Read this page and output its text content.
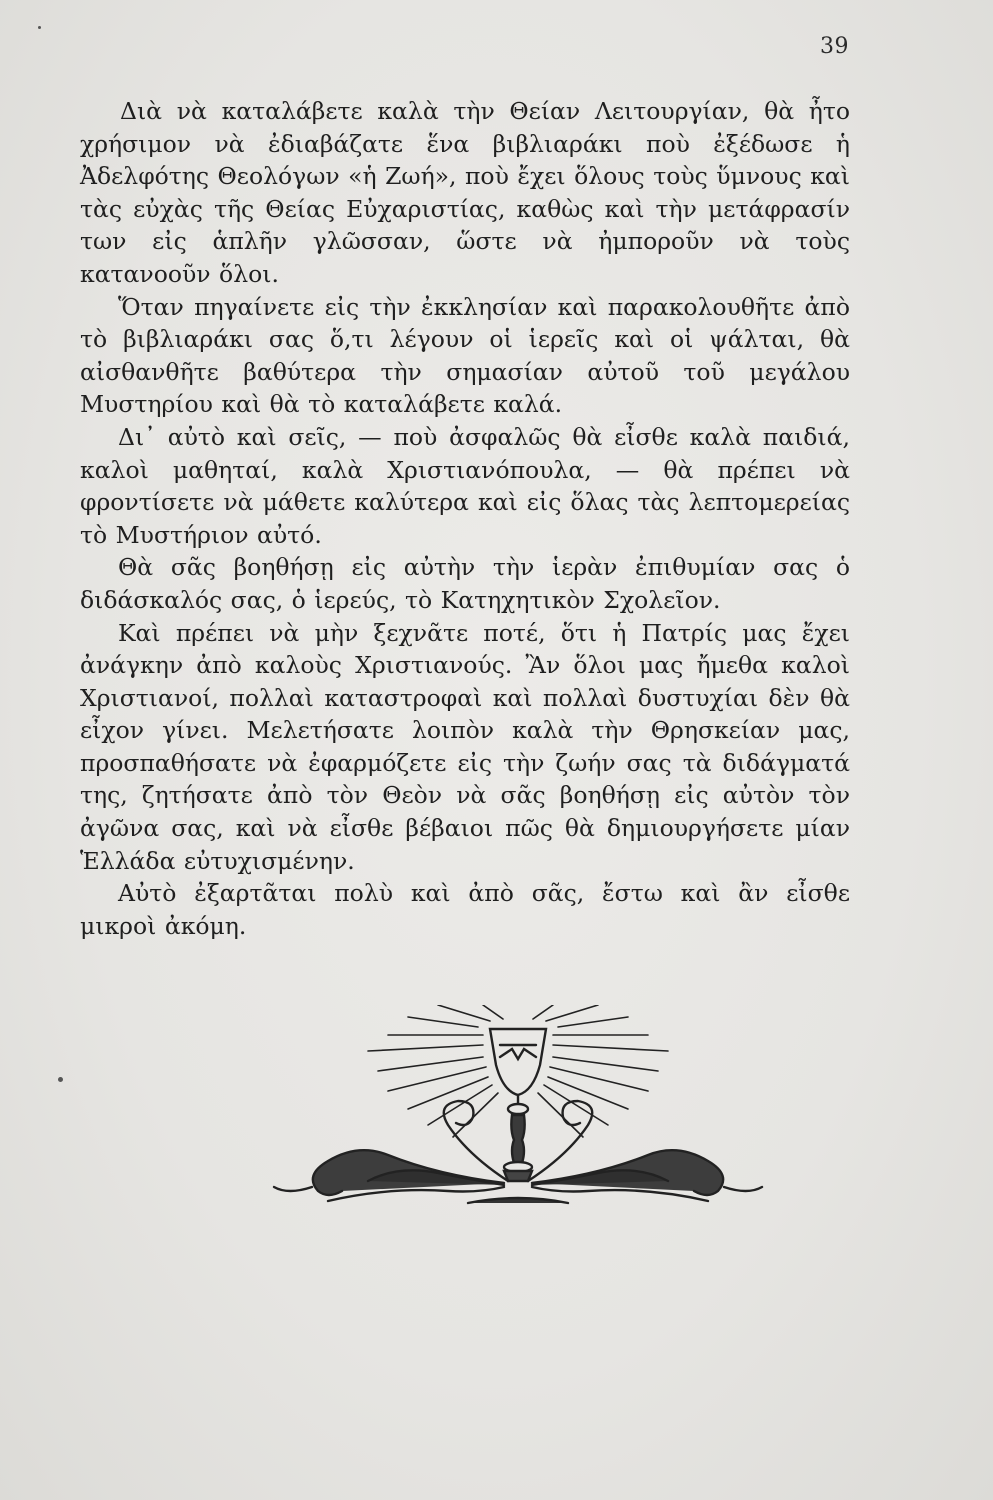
39

Διὰ νὰ καταλάβετε καλὰ τὴν Θείαν Λειτουργίαν, θὰ ἦτο χρήσιμον νὰ ἐδιαβάζατε ἕνα βιβλιαράκι ποὺ ἐξέδωσε ἡ Ἀδελφότης Θεολόγων «ἡ Ζωή», ποὺ ἔχει ὅλους τοὺς ὕμνους καὶ τὰς εὐχὰς τῆς Θείας Εὐχαριστίας, καθὼς καὶ τὴν μετάφρασίν των εἰς ἁπλῆν γλῶσσαν, ὥστε νὰ ἠμποροῦν νὰ τοὺς κατανοοῦν ὅλοι.

Ὅταν πηγαίνετε εἰς τὴν ἐκκλησίαν καὶ παρακολουθῆτε ἀπὸ τὸ βιβλιαράκι σας ὅ,τι λέγουν οἱ ἱερεῖς καὶ οἱ ψάλται, θὰ αἰσθανθῆτε βαθύτερα τὴν σημασίαν αὐτοῦ τοῦ μεγάλου Μυστηρίου καὶ θὰ τὸ καταλάβετε καλά.

Δι᾿ αὐτὸ καὶ σεῖς, — ποὺ ἀσφαλῶς θὰ εἶσθε καλὰ παιδιά, καλοὶ μαθηταί, καλὰ Χριστιανόπουλα, — θὰ πρέπει νὰ φροντίσετε νὰ μάθετε καλύτερα καὶ εἰς ὅλας τὰς λεπτομερείας τὸ Μυστήριον αὐτό.

Θὰ σᾶς βοηθήσῃ εἰς αὐτὴν τὴν ἱερὰν ἐπιθυμίαν σας ὁ διδάσκαλός σας, ὁ ἱερεύς, τὸ Κατηχητικὸν Σχολεῖον.

Καὶ πρέπει νὰ μὴν ξεχνᾶτε ποτέ, ὅτι ἡ Πατρίς μας ἔχει ἀνάγκην ἀπὸ καλοὺς Χριστιανούς. Ἂν ὅλοι μας ἤμεθα καλοὶ Χριστιανοί, πολλαὶ καταστροφαὶ καὶ πολλαὶ δυστυχίαι δὲν θὰ εἶχον γίνει. Μελετήσατε λοιπὸν καλὰ τὴν Θρησκείαν μας, προσπαθήσατε νὰ ἐφαρμόζετε εἰς τὴν ζωήν σας τὰ διδάγματά της, ζητήσατε ἀπὸ τὸν Θεὸν νὰ σᾶς βοηθήσῃ εἰς αὐτὸν τὸν ἀγῶνα σας, καὶ νὰ εἶσθε βέβαιοι πῶς θὰ δημιουργήσετε μίαν Ἑλλάδα εὐτυχισμένην.

Αὐτὸ ἐξαρτᾶται πολὺ καὶ ἀπὸ σᾶς, ἔστω καὶ ἂν εἶσθε μικροὶ ἀκόμη.
